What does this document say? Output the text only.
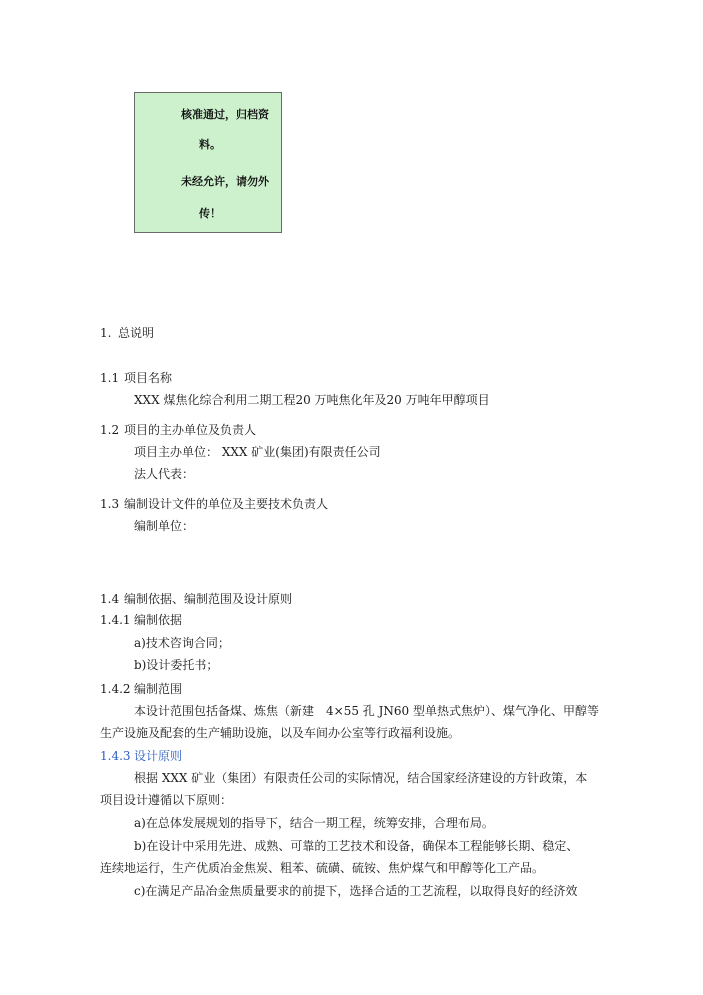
核准通过，归档资
料。
未经允许，请勿外
传！
1. 总说明
1.1 项目名称
XXX 煤焦化综合利用二期工程20 万吨焦化年及20 万吨年甲醇项目
1.2 项目的主办单位及负责人
项目主办单位： XXX 矿业(集团)有限责任公司
法人代表：
1.3 编制设计文件的单位及主要技术负责人
编制单位：
1.4 编制依据、编制范围及设计原则
1.4.1 编制依据
a)技术咨询合同；
b)设计委托书；
1.4.2 编制范围
本设计范围包括备煤、炼焦（新建　4×55 孔 JN60 型单热式焦炉）、煤气净化、甲醇等
生产设施及配套的生产辅助设施，以及车间办公室等行政福利设施。
1.4.3 设计原则
根据 XXX 矿业（集团）有限责任公司的实际情况，结合国家经济建设的方针政策，本
项目设计遵循以下原则：
a)在总体发展规划的指导下，结合一期工程，统筹安排，合理布局。
b)在设计中采用先进、成熟、可靠的工艺技术和设备，确保本工程能够长期、稳定、
连续地运行，生产优质冶金焦炭、粗苯、硫磺、硫铵、焦炉煤气和甲醇等化工产品。
c)在满足产品冶金焦质量要求的前提下，选择合适的工艺流程，以取得良好的经济效
